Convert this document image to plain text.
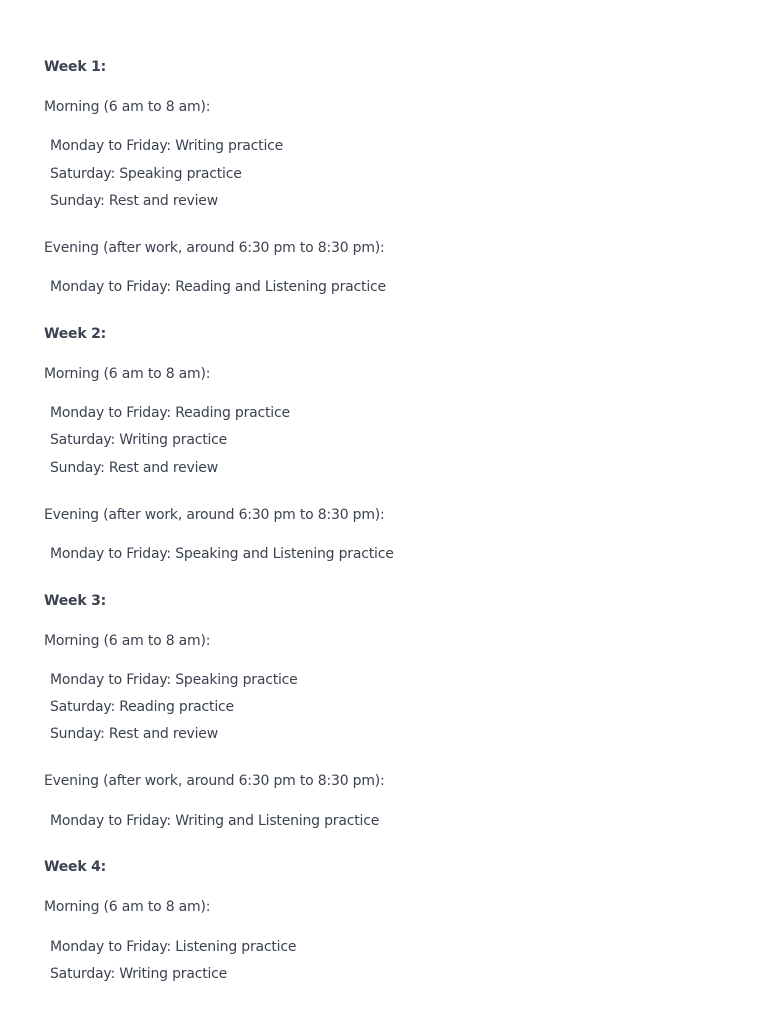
Week 1:
Morning (6 am to 8 am):
Monday to Friday: Writing practice
Saturday: Speaking practice
Sunday: Rest and review
Evening (after work, around 6:30 pm to 8:30 pm):
Monday to Friday: Reading and Listening practice
Week 2:
Morning (6 am to 8 am):
Monday to Friday: Reading practice
Saturday: Writing practice
Sunday: Rest and review
Evening (after work, around 6:30 pm to 8:30 pm):
Monday to Friday: Speaking and Listening practice
Week 3:
Morning (6 am to 8 am):
Monday to Friday: Speaking practice
Saturday: Reading practice
Sunday: Rest and review
Evening (after work, around 6:30 pm to 8:30 pm):
Monday to Friday: Writing and Listening practice
Week 4:
Morning (6 am to 8 am):
Monday to Friday: Listening practice
Saturday: Writing practice
